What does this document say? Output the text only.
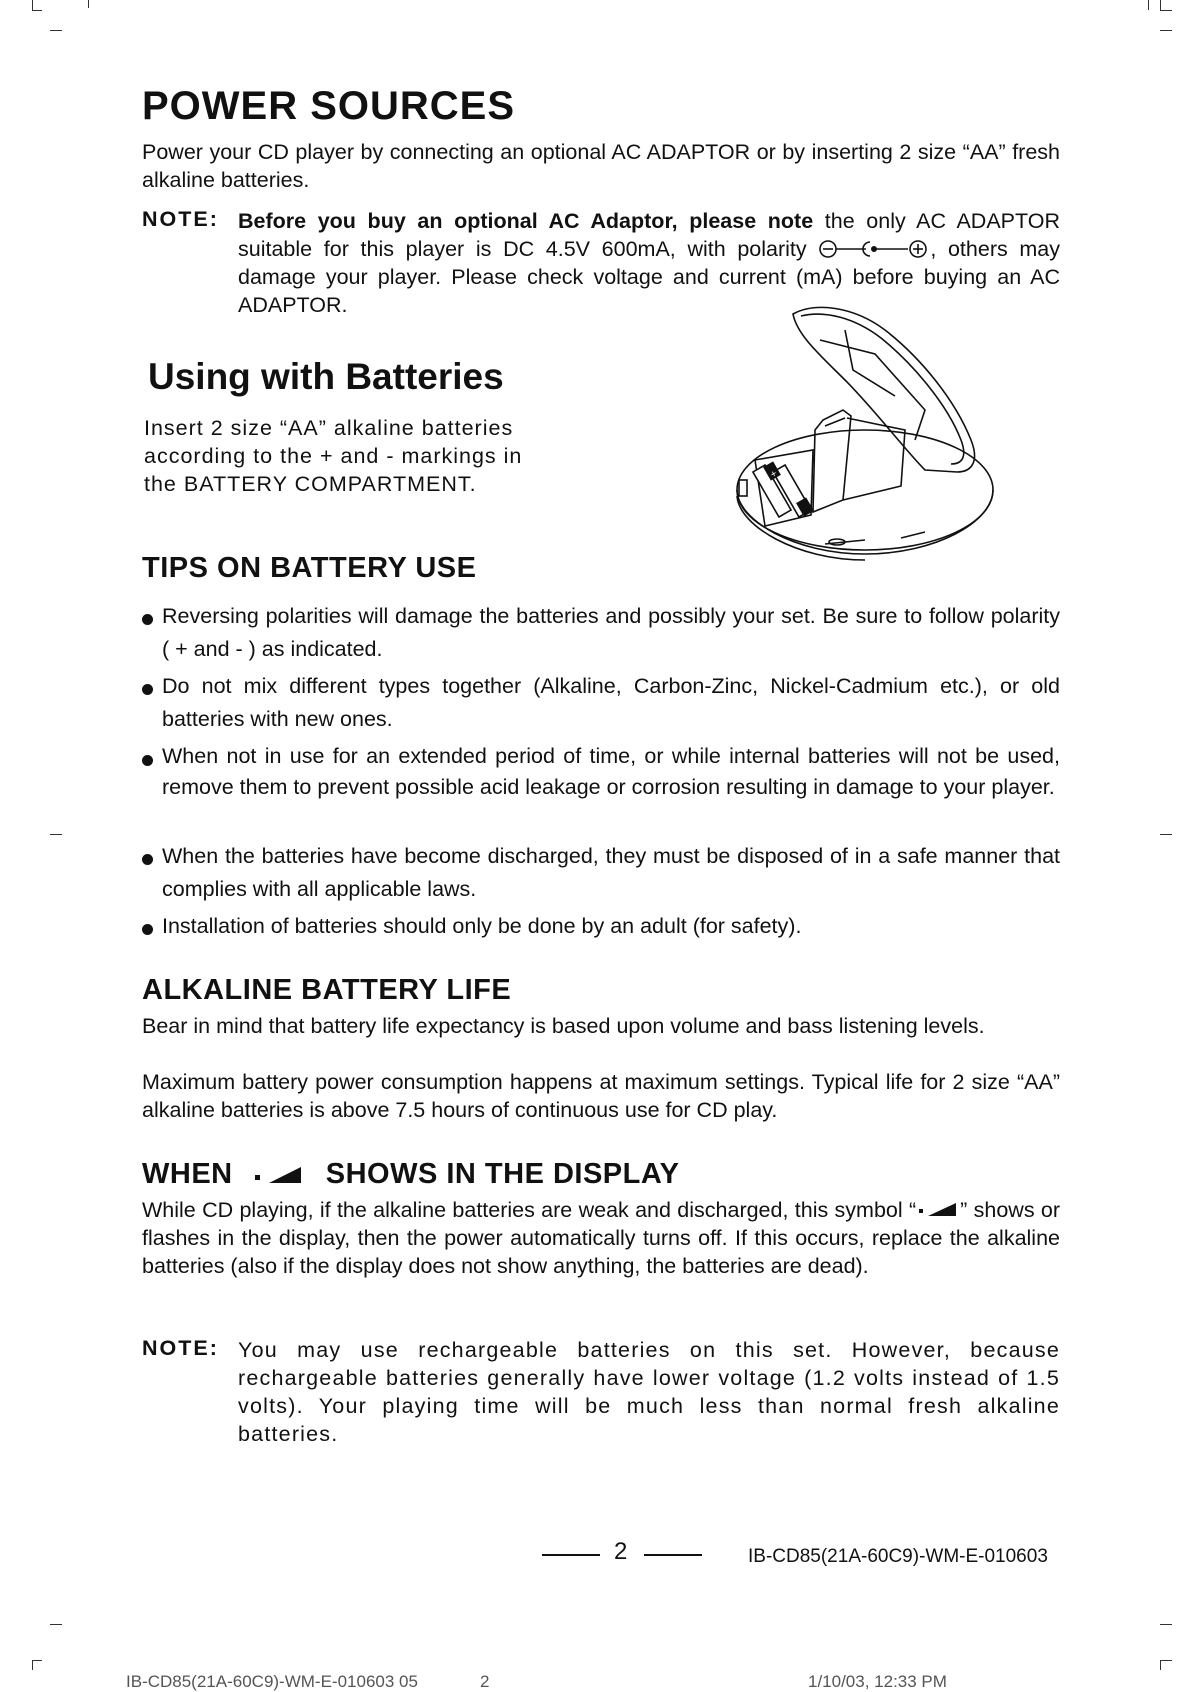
POWER SOURCES
Power your CD player by connecting an optional AC ADAPTOR or by inserting 2 size “AA” fresh alkaline batteries.
NOTE: Before you buy an optional AC Adaptor, please note the only AC ADAPTOR suitable for this player is DC 4.5V 600mA, with polarity	, others may damage your player. Please check voltage and current (mA) before buying an AC ADAPTOR.
Using with Batteries
Insert 2 size “AA” alkaline batteries according to the + and - markings in the BATTERY COMPARTMENT.	+
TIPS ON BATTERY USE
Reversing polarities will damage the batteries and possibly your set. Be sure to follow polarity ( + and - ) as indicated.
Do not mix different types together (Alkaline, Carbon-Zinc, Nickel-Cadmium etc.), or old batteries with new ones.
When not in use for an extended period of time, or while internal batteries will not be used, remove them to prevent possible acid leakage or corrosion resulting in damage to your player.
When the batteries have become discharged, they must be disposed of in a safe manner that complies with all applicable laws.
Installation of batteries should only be done by an adult (for safety).
ALKALINE BATTERY LIFE
Bear in mind that battery life expectancy is based upon volume and bass listening levels.
Maximum battery power consumption happens at maximum settings. Typical life for 2 size “AA” alkaline batteries is above 7.5 hours of continuous use for CD play.
WHEN	SHOWS IN THE DISPLAY
While CD playing, if the alkaline batteries are weak and discharged, this symbol “ ” shows or flashes in the display, then the power automatically turns off. If this occurs, replace the alkaline batteries (also if the display does not show anything, the batteries are dead).
NOTE: You may use rechargeable batteries on this set. However, because rechargeable batteries generally have lower voltage (1.2 volts instead of 1.5 volts). Your playing time will be much less than normal fresh alkaline batteries.
2	IB-CD85(21A-60C9)-WM-E-010603
IB-CD85(21A-60C9)-WM-E-010603 05	2	1/10/03, 12:33 PM
